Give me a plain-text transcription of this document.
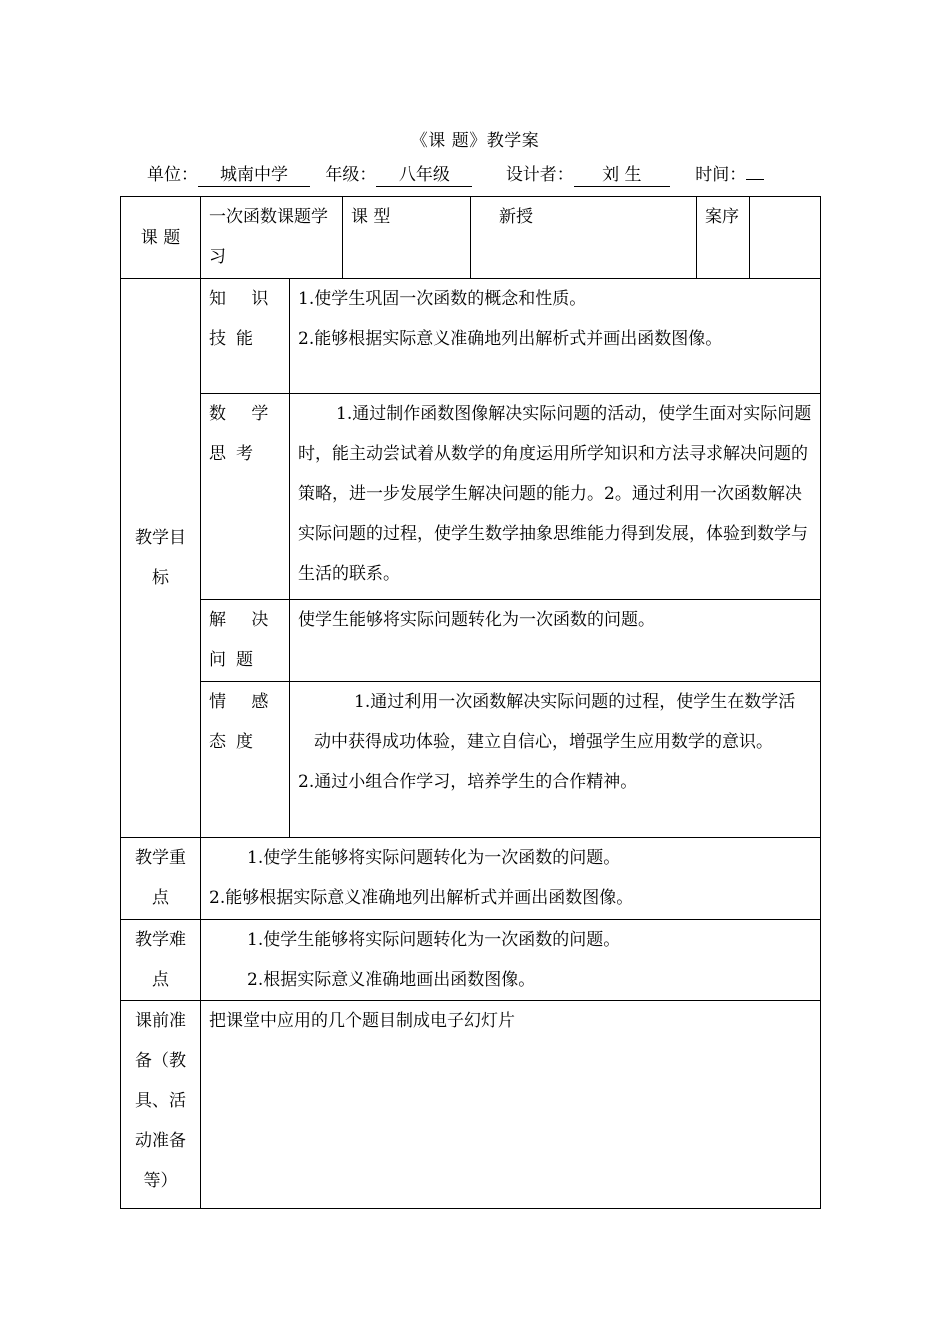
《课 题》教学案
单位： 城南中学 年级： 八年级	设计者： 刘 生	时间：
课 题	一次函数课题学习		课 型	新授	案序	
教学目标	知 识 技能	1.使学生巩固一次函数的概念和性质。
2.能够根据实际意义准确地列出解析式并画出函数图像。				

	数 学 思考	1.通过制作函数图像解决实际问题的活动，使学生面对实际问题时，能主动尝试着从数学的角度运用所学知识和方法寻求解决问题的策略，进一步发展学生解决问题的能力。2。通过利用一次函数解决实际问题的过程，使学生数学抽象思维能力得到发展，体验到数学与生活的联系。				
	解 决 问题	使学生能够将实际问题转化为一次函数的问题。				
	情 感 态度	1.通过利用一次函数解决实际问题的过程，使学生在数学活动中获得成功体验，建立自信心，增强学生应用数学的意识。
2.通过小组合作学习，培养学生的合作精神。				

教学重点	1.使学生能够将实际问题转化为一次函数的问题。
2.能够根据实际意义准确地列出解析式并画出函数图像。					

教学难点	1.使学生能够将实际问题转化为一次函数的问题。
2.根据实际意义准确地画出函数图像。					

课前准备（教具、活动准备等）	把课堂中应用的几个题目制成电子幻灯片					
